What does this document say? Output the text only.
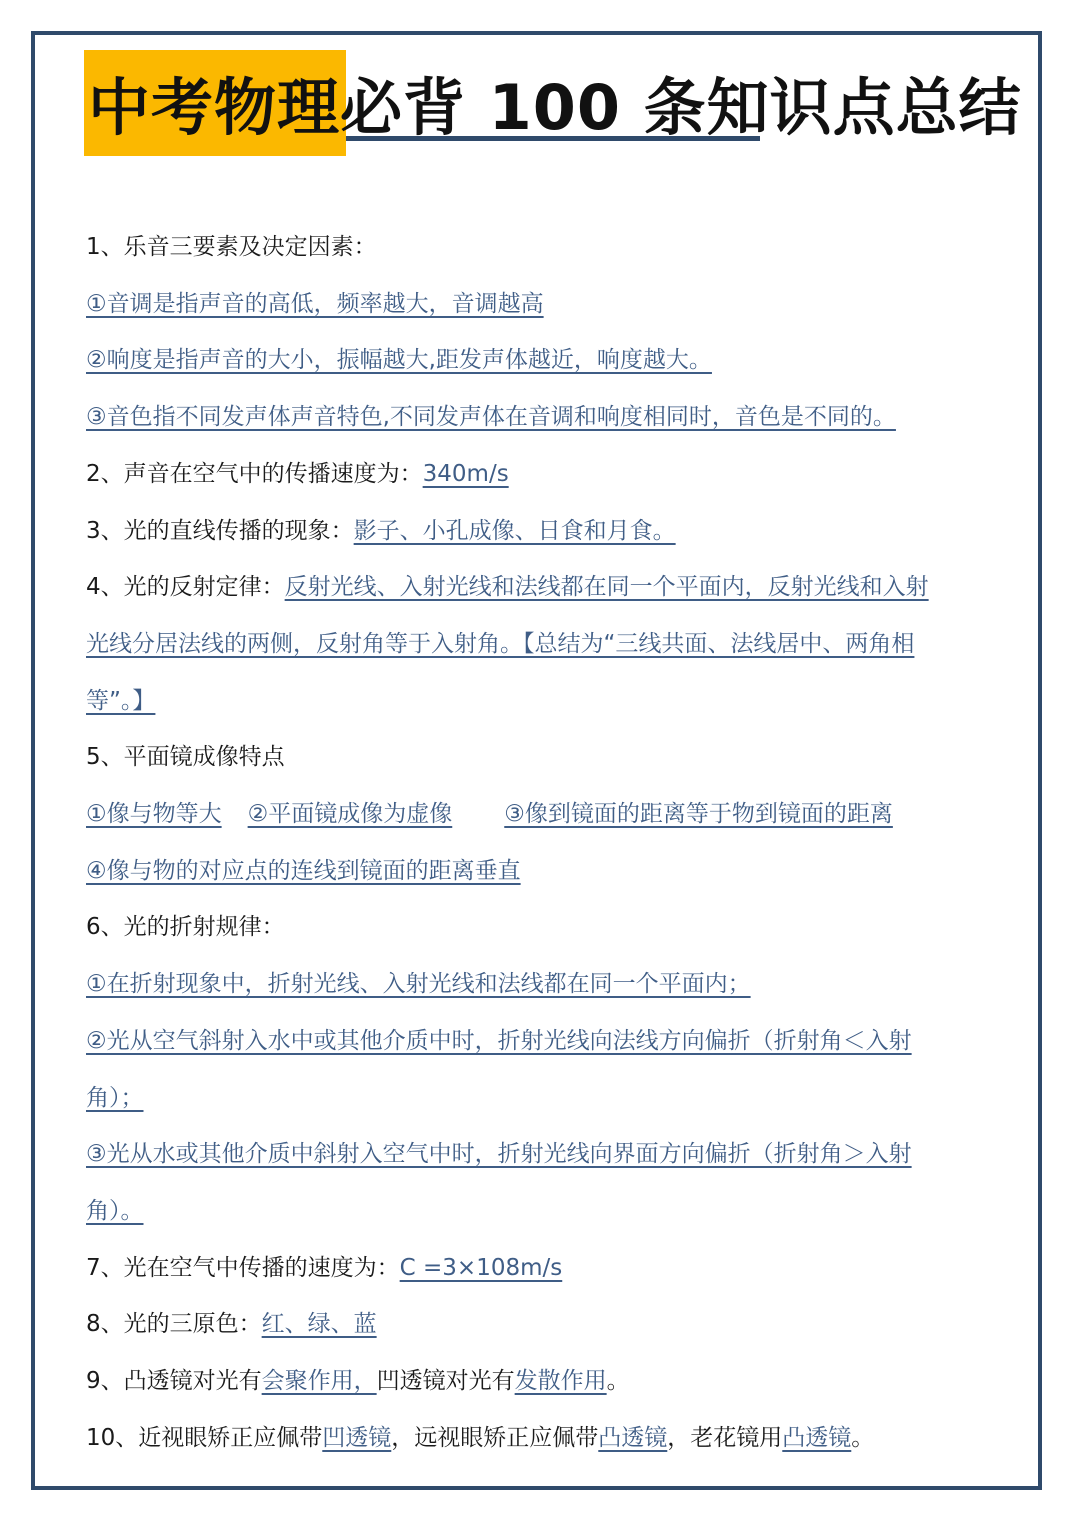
中考物理必背 100 条知识点总结
1、乐音三要素及决定因素：
①音调是指声音的高低，频率越大，音调越高
②响度是指声音的大小，振幅越大,距发声体越近，响度越大。
③音色指不同发声体声音特色,不同发声体在音调和响度相同时，音色是不同的。
2、声音在空气中的传播速度为：340m/s
3、光的直线传播的现象：影子、小孔成像、日食和月食。
4、光的反射定律：反射光线、入射光线和法线都在同一个平面内，反射光线和入射
光线分居法线的两侧，反射角等于入射角。【总结为“三线共面、法线居中、两角相
等”。】
5、平面镜成像特点
①像与物等大 ②平面镜成像为虚像 ③像到镜面的距离等于物到镜面的距离
④像与物的对应点的连线到镜面的距离垂直
6、光的折射规律：
①在折射现象中，折射光线、入射光线和法线都在同一个平面内；
②光从空气斜射入水中或其他介质中时，折射光线向法线方向偏折（折射角＜入射
角）；
③光从水或其他介质中斜射入空气中时，折射光线向界面方向偏折（折射角＞入射
角）。
7、光在空气中传播的速度为：C =3×108m/s
8、光的三原色：红、绿、蓝
9、凸透镜对光有会聚作用，凹透镜对光有发散作用。
10、近视眼矫正应佩带凹透镜，远视眼矫正应佩带凸透镜，老花镜用凸透镜。
